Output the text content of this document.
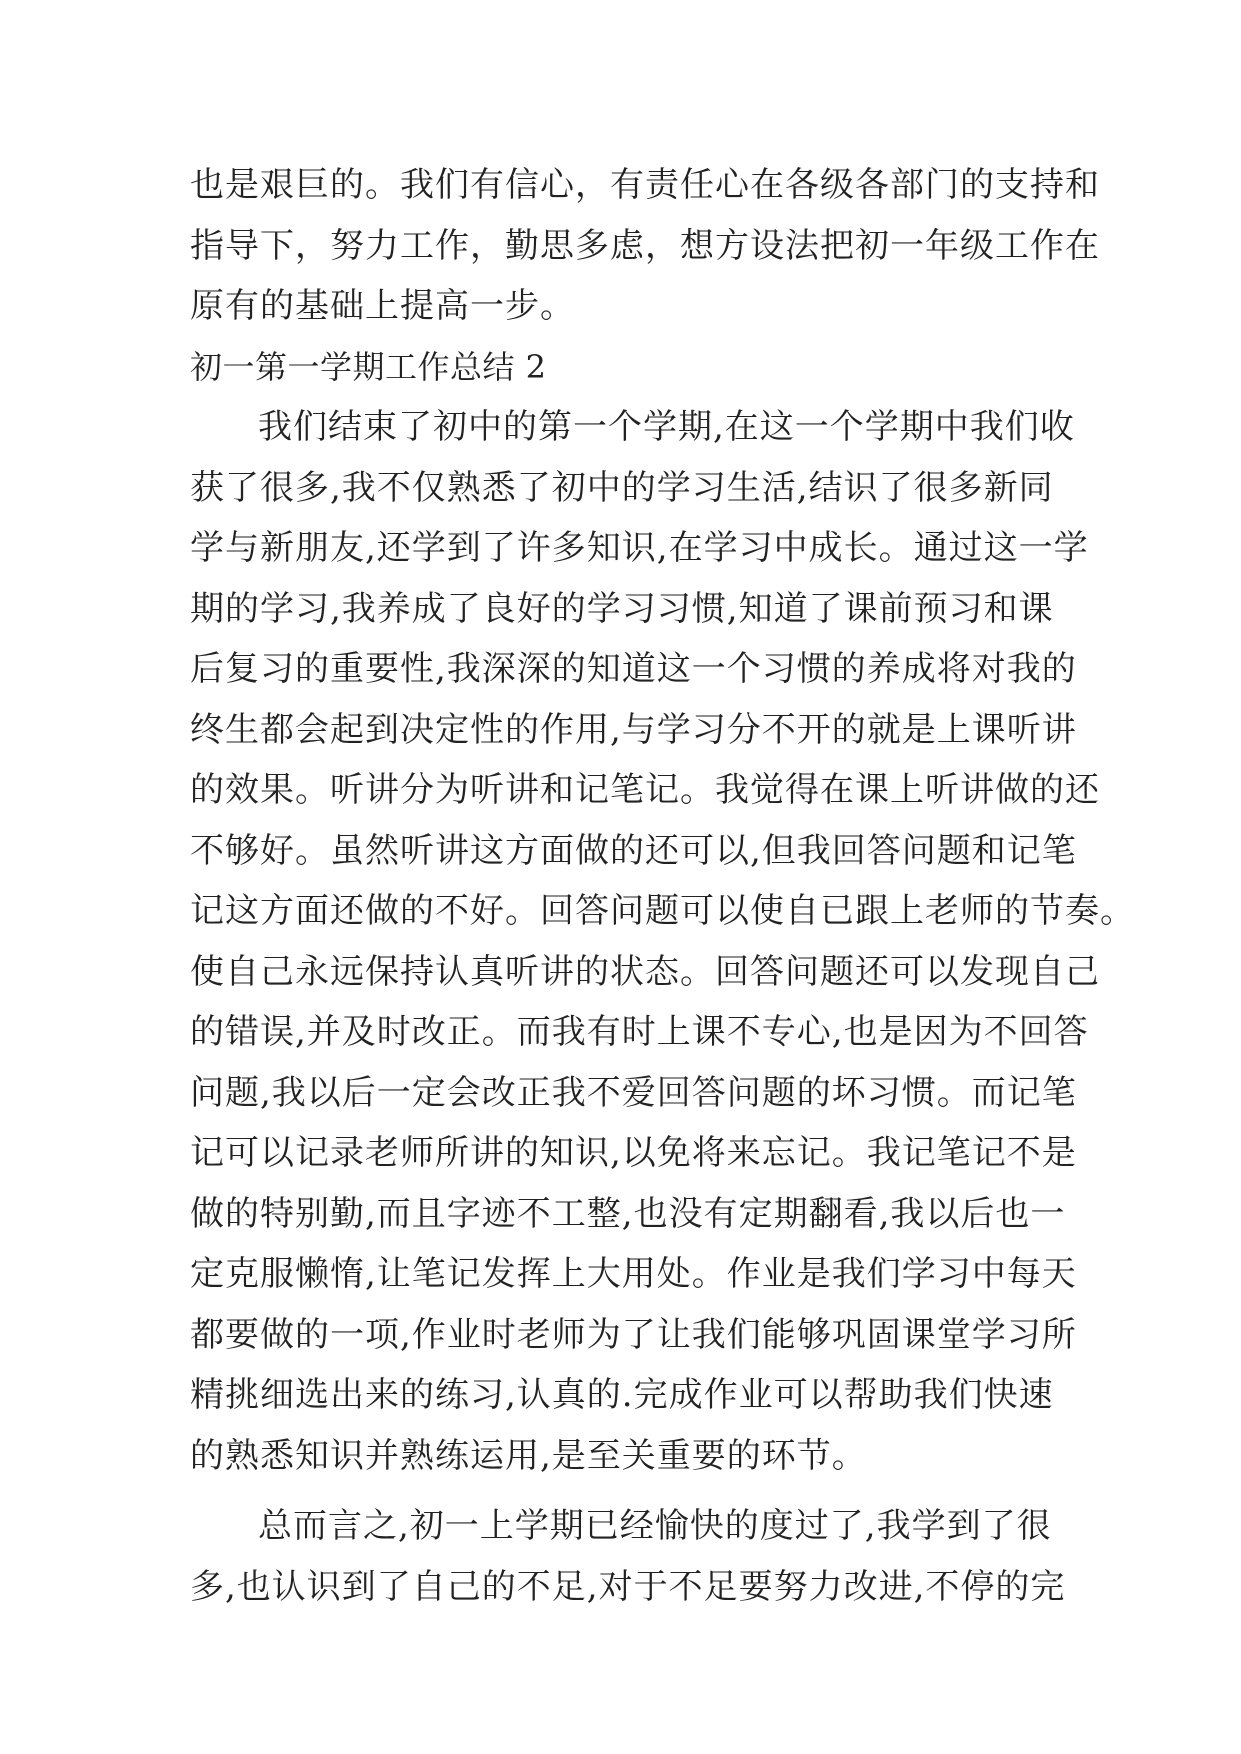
也是艰巨的。我们有信心，有责任心在各级各部门的支持和
指导下，努力工作，勤思多虑，想方设法把初一年级工作在
原有的基础上提高一步。
初一第一学期工作总结 2
我们结束了初中的第一个学期,在这一个学期中我们收
获了很多,我不仅熟悉了初中的学习生活,结识了很多新同
学与新朋友,还学到了许多知识,在学习中成长。通过这一学
期的学习,我养成了良好的学习习惯,知道了课前预习和课
后复习的重要性,我深深的知道这一个习惯的养成将对我的
终生都会起到决定性的作用,与学习分不开的就是上课听讲
的效果。听讲分为听讲和记笔记。我觉得在课上听讲做的还
不够好。虽然听讲这方面做的还可以,但我回答问题和记笔
记这方面还做的不好。回答问题可以使自已跟上老师的节奏。
使自己永远保持认真听讲的状态。回答问题还可以发现自己
的错误,并及时改正。而我有时上课不专心,也是因为不回答
问题,我以后一定会改正我不爱回答问题的坏习惯。而记笔
记可以记录老师所讲的知识,以免将来忘记。我记笔记不是
做的特别勤,而且字迹不工整,也没有定期翻看,我以后也一
定克服懒惰,让笔记发挥上大用处。作业是我们学习中每天
都要做的一项,作业时老师为了让我们能够巩固课堂学习所
精挑细选出来的练习,认真的.完成作业可以帮助我们快速
的熟悉知识并熟练运用,是至关重要的环节。
总而言之,初一上学期已经愉快的度过了,我学到了很
多,也认识到了自己的不足,对于不足要努力改进,不停的完
